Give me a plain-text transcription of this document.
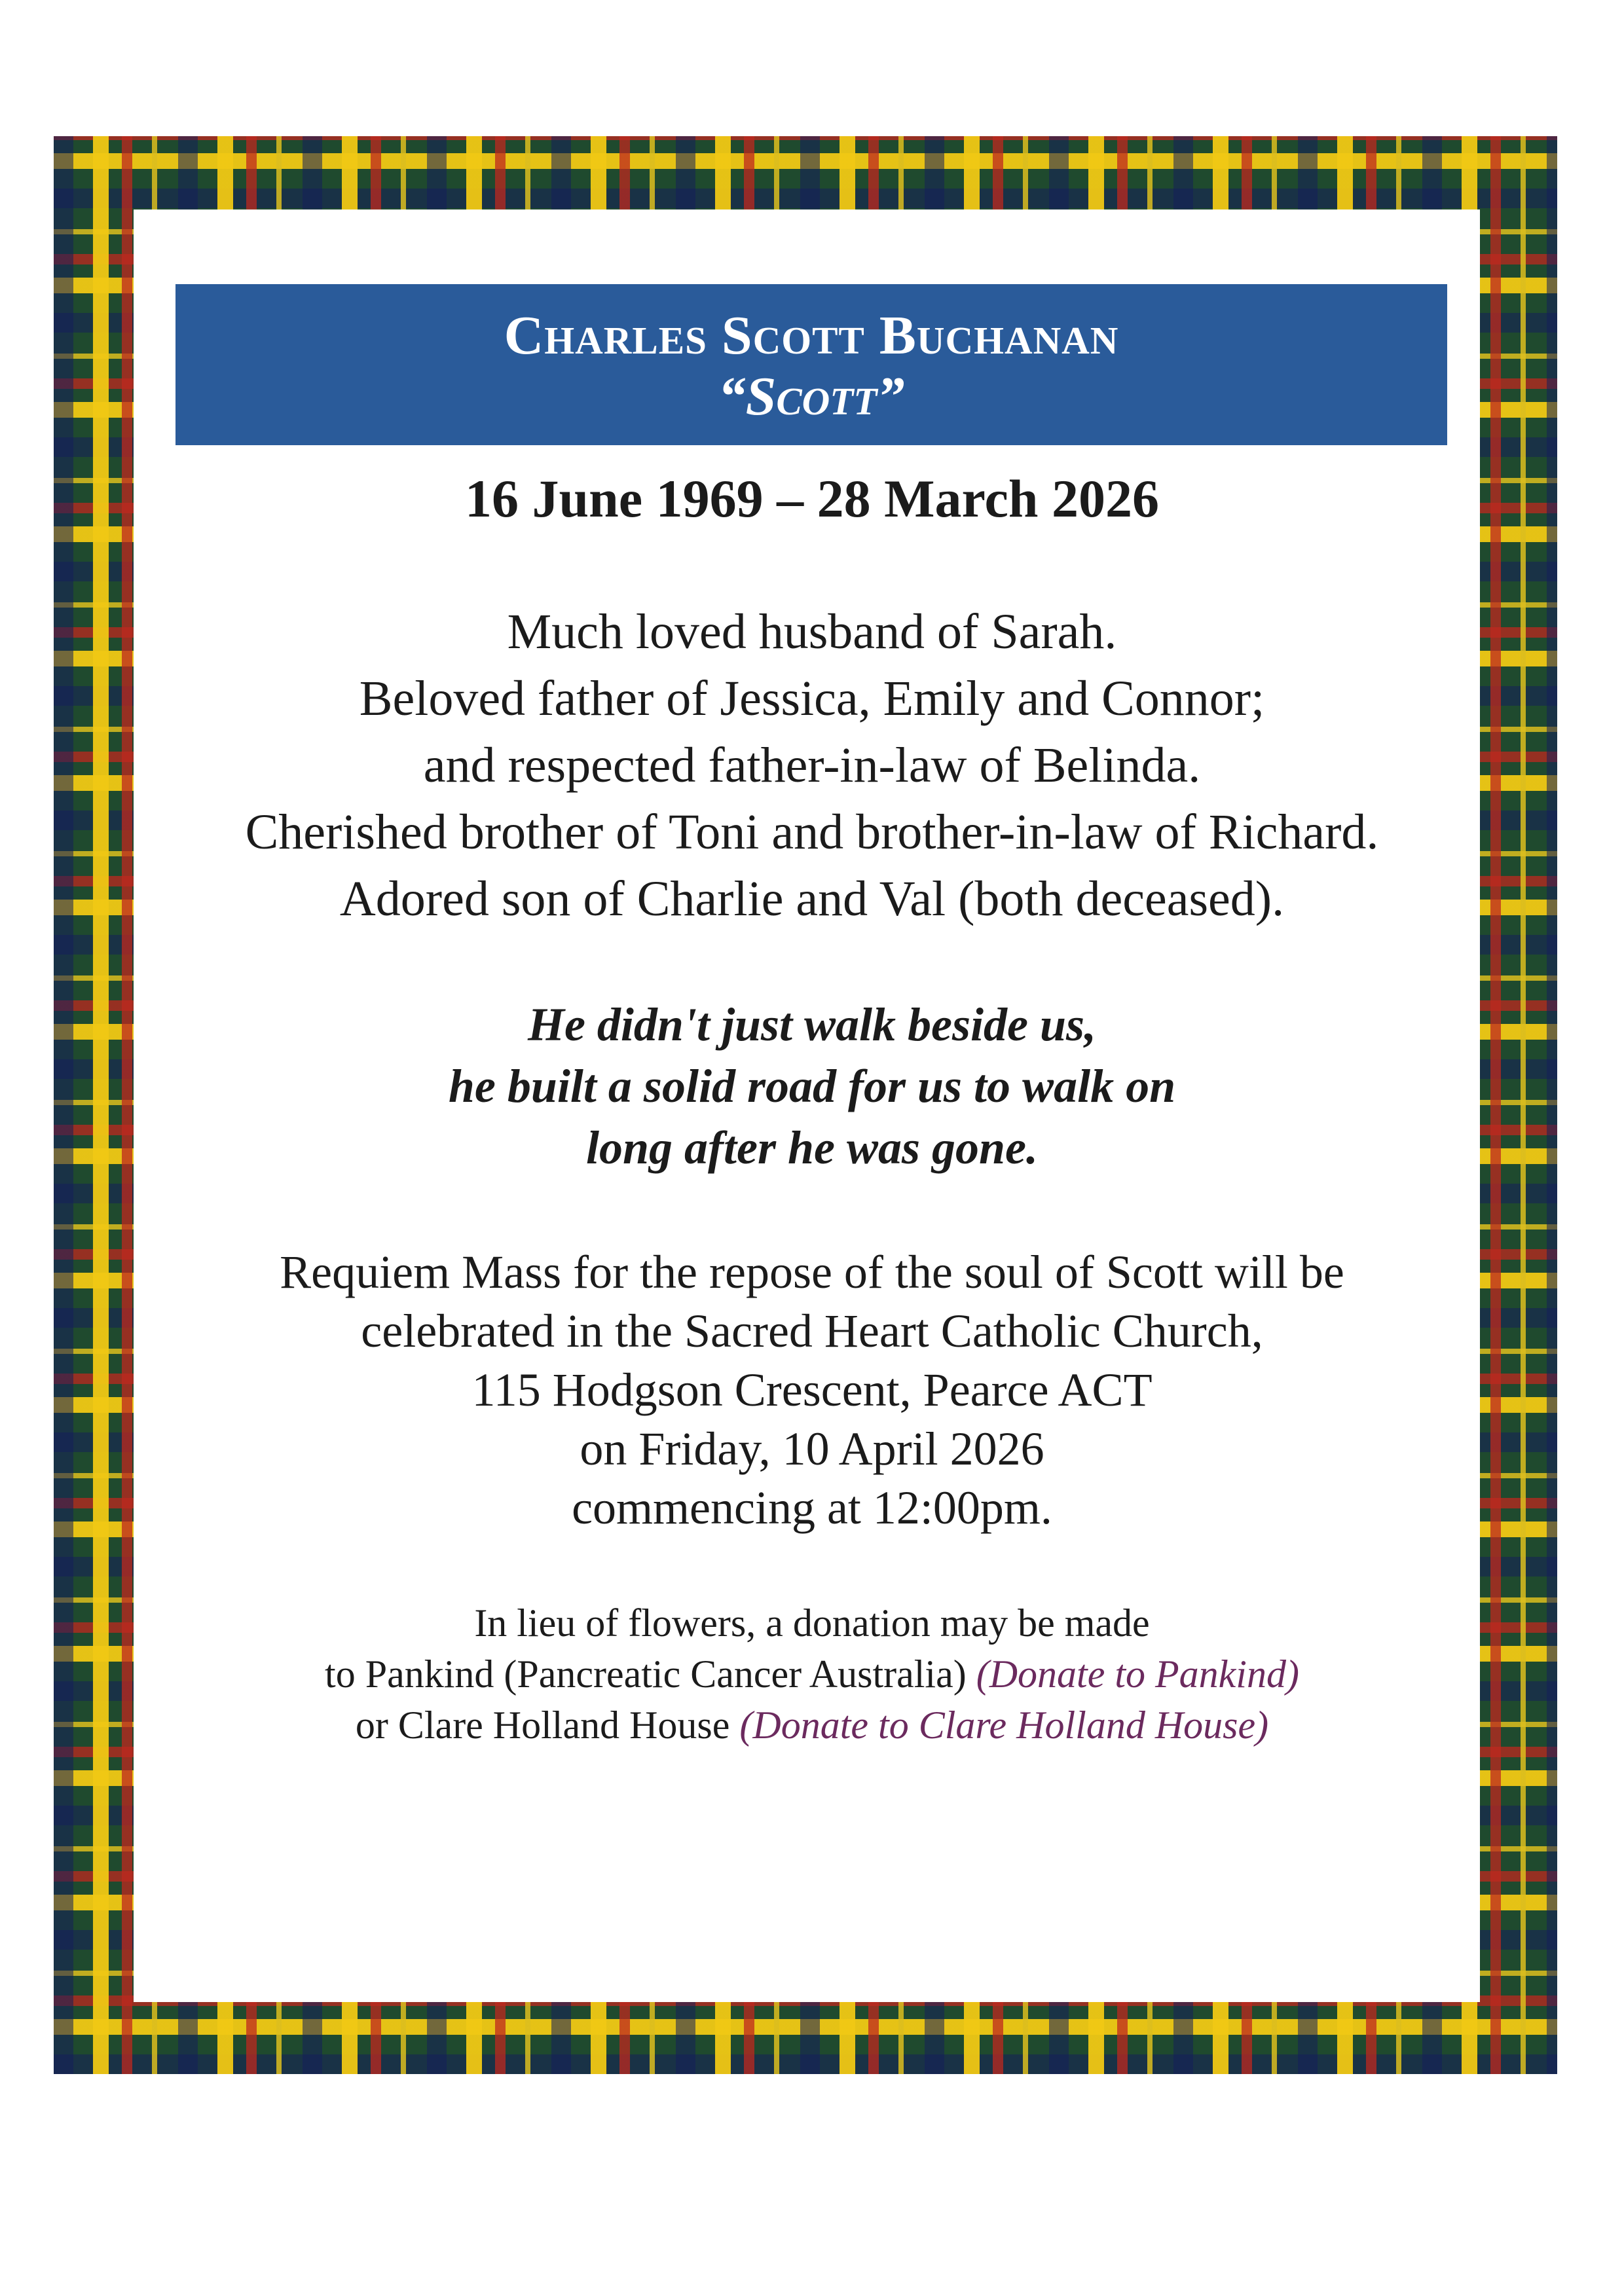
Charles Scott Buchanan
“Scott”
16 June 1969 – 28 March 2026
Much loved husband of Sarah.
Beloved father of Jessica, Emily and Connor;
and respected father-in-law of Belinda.
Cherished brother of Toni and brother-in-law of Richard.
Adored son of Charlie and Val (both deceased).
He didn't just walk beside us,
he built a solid road for us to walk on
long after he was gone.
Requiem Mass for the repose of the soul of Scott will be
celebrated in the Sacred Heart Catholic Church,
115 Hodgson Crescent, Pearce ACT
on Friday, 10 April 2026
commencing at 12:00pm.
In lieu of flowers, a donation may be made
to Pankind (Pancreatic Cancer Australia) (Donate to Pankind)
or Clare Holland House (Donate to Clare Holland House)
